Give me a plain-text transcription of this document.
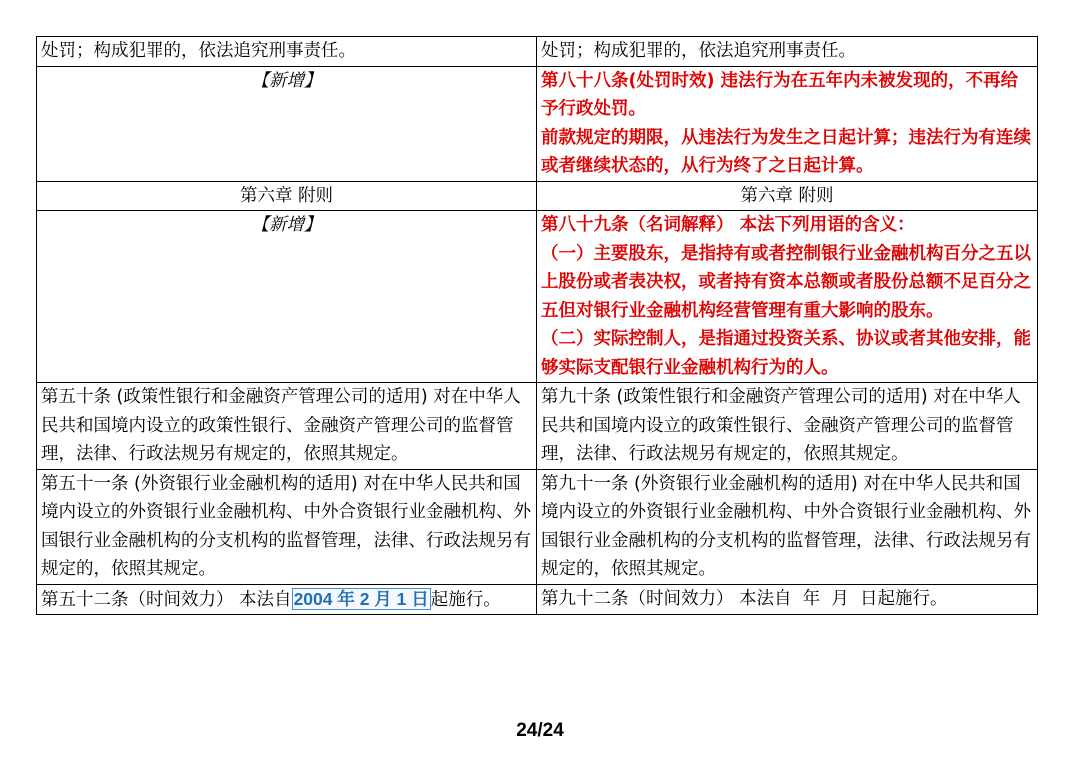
处罚；构成犯罪的，依法追究刑事责任。	处罚；构成犯罪的，依法追究刑事责任。
【新增】	第八十八条(处罚时效) 违法行为在五年内未被发现的，不再给予行政处罚。

前款规定的期限，从违法行为发生之日起计算；违法行为有连续或者继续状态的，从行为终了之日起计算。

第六章 附则	第六章 附则
【新增】	第八十九条（名词解释） 本法下列用语的含义：

（一）主要股东，是指持有或者控制银行业金融机构百分之五以上股份或者表决权，或者持有资本总额或者股份总额不足百分之五但对银行业金融机构经营管理有重大影响的股东。

（二）实际控制人，是指通过投资关系、协议或者其他安排，能够实际支配银行业金融机构行为的人。

第五十条 (政策性银行和金融资产管理公司的适用) 对在中华人民共和国境内设立的政策性银行、金融资产管理公司的监督管理，法律、行政法规另有规定的，依照其规定。	第九十条 (政策性银行和金融资产管理公司的适用) 对在中华人民共和国境内设立的政策性银行、金融资产管理公司的监督管理，法律、行政法规另有规定的，依照其规定。
第五十一条 (外资银行业金融机构的适用) 对在中华人民共和国境内设立的外资银行业金融机构、中外合资银行业金融机构、外国银行业金融机构的分支机构的监督管理，法律、行政法规另有规定的，依照其规定。	第九十一条 (外资银行业金融机构的适用) 对在中华人民共和国境内设立的外资银行业金融机构、中外合资银行业金融机构、外国银行业金融机构的分支机构的监督管理，法律、行政法规另有规定的，依照其规定。
第五十二条（时间效力） 本法自 2004 年 2 月 1 日 起施行。	第九十二条（时间效力） 本法自  年  月  日起施行。
24/24
